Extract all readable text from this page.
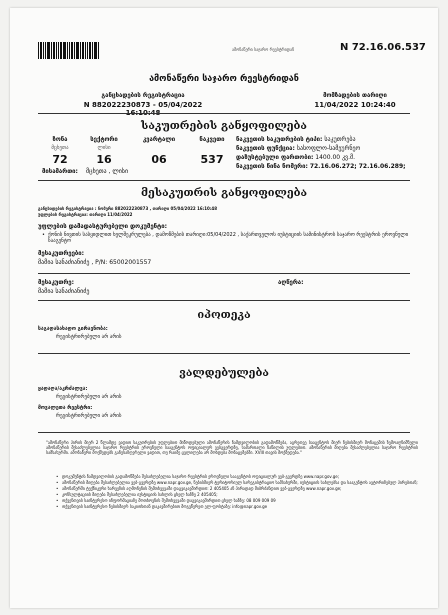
ამონაწერი საჯარო რეესტრიდან	N 72.16.06.537
ამონაწერი საჯარო რეესტრიდან
განცხადების რეგისტრაცია
N 882022230873 - 05/04/2022 16:10:48
მომზადების თარიღი
11/04/2022 10:24:40
საკუთრების განყოფილება
ზონა
მცხეთა
72
სექტორი
ლისი
16
კვარტალი
06
ნაკვეთი
537
მისამართი: მცხეთა , ლისი
ნაკვეთის საკუთრების ტიპი: საკუთრება
ნაკვეთის ფუნქცია: სასოფლო-სამეურნეო
დაზუსტებული ფართობი: 1400.00 კვ.მ.
ნაკვეთის წინა ნომერი: 72.16.06.272; 72.16.06.289;
მესაკუთრის განყოფილება
განცხადების რეგისტრაცია : ნომერი 882022230873 , თარიღი 05/04/2022 16:10:48
უფლების რეგისტრაცია: თარიღი 11/04/2022
უფლების დამადასტურებელი დოკუმენტი:
• ქონის ნივთის სასყიდლით ხელშეკრულება , დამოწმების თარიღი:05/04/2022 , საქართველოს იუსტიციის სამინისტროს საჯარო რეესტრის ეროვნული სააგენტო
მესაკუთრეები:
მამია სანაძიანიძე , P/N: 65002001557
მესაკუთრე:
მამია სანაძიანიძე
აღწერა:
იპოთეკა
საგადასახადო გირავნობა:
რეგისტრირებული არ არის
ვალდებულება
ყადაღა/აკრძალვა:
რეგისტრირებული არ არის
მოვალეთა რეესტრი:
რეგისტრირებული არ არის
"ამონაწერი პირის მიერ 2 წლამდე ვადით საკუთრების უფლებით მიწოდებული ამონაწერის ნამდვილობის გადამოწმება, აგრეთვე სააგენტოს მიერ ნებისმიერ მონაცემის ზემოაღნიშნული ამონაწერის შესაძლებელია საჯარო რეესტრის ეროვნული სააგენტოს ოფიციალურ ვებგვერდზე, სამართალი ნაწილის უფლებით. ამონაწერის მიღება შესაძლებელია საჯარო რეესტრის სამსახურში. ამონაწერი მოქმედებს განუსაზღვრელი ვადით, თუ რაიმე ცვლილება არ მოხდება მონაცემებში. XVIII თავის მოქმედება."
• დოკუმენტის ნამდვილობის გადამოწმება შესაძლებელია საჯარო რეესტრის ეროვნული სააგენტოს ოფიციალურ ვებ-გვერდზე www.napr.gov.ge;
• ამონაწერის მიღება შესაძლებელია ვებ-გვერდზე www.napr.gov.ge, ნებისმიერ ტერიტორიულ სარეგისტრაციო სამსახურში, იუსტიციის სახლებსა და სააგენტოს ავტორიზებულ პირებთან;
• ამონაწერში ტექნიკური ხარვეზის აღმოჩენის შემთხვევაში დაგვიკავშირდით: 2 405405 ან პირადად მიბრძანდით ვებ-გვერდზე www.napr.gov.ge;
• კონსულტაციის მიღება შესაძლებელია იუსტიციის სახლის ცხელ ხაზზე 2 405405;
• თქვენთვის საინტერესო ინფორმაციაზე მოთხოვნის შემთხვევაში დაგვიკავშირდით ცხელ ხაზზე: 08 009 009 09
• თქვენთვის საინტერესო ნებისმიერ საკითხთან დაკავშირებით მოგვწერეთ ელ-ფოსტაზე: info@napr.gov.ge
